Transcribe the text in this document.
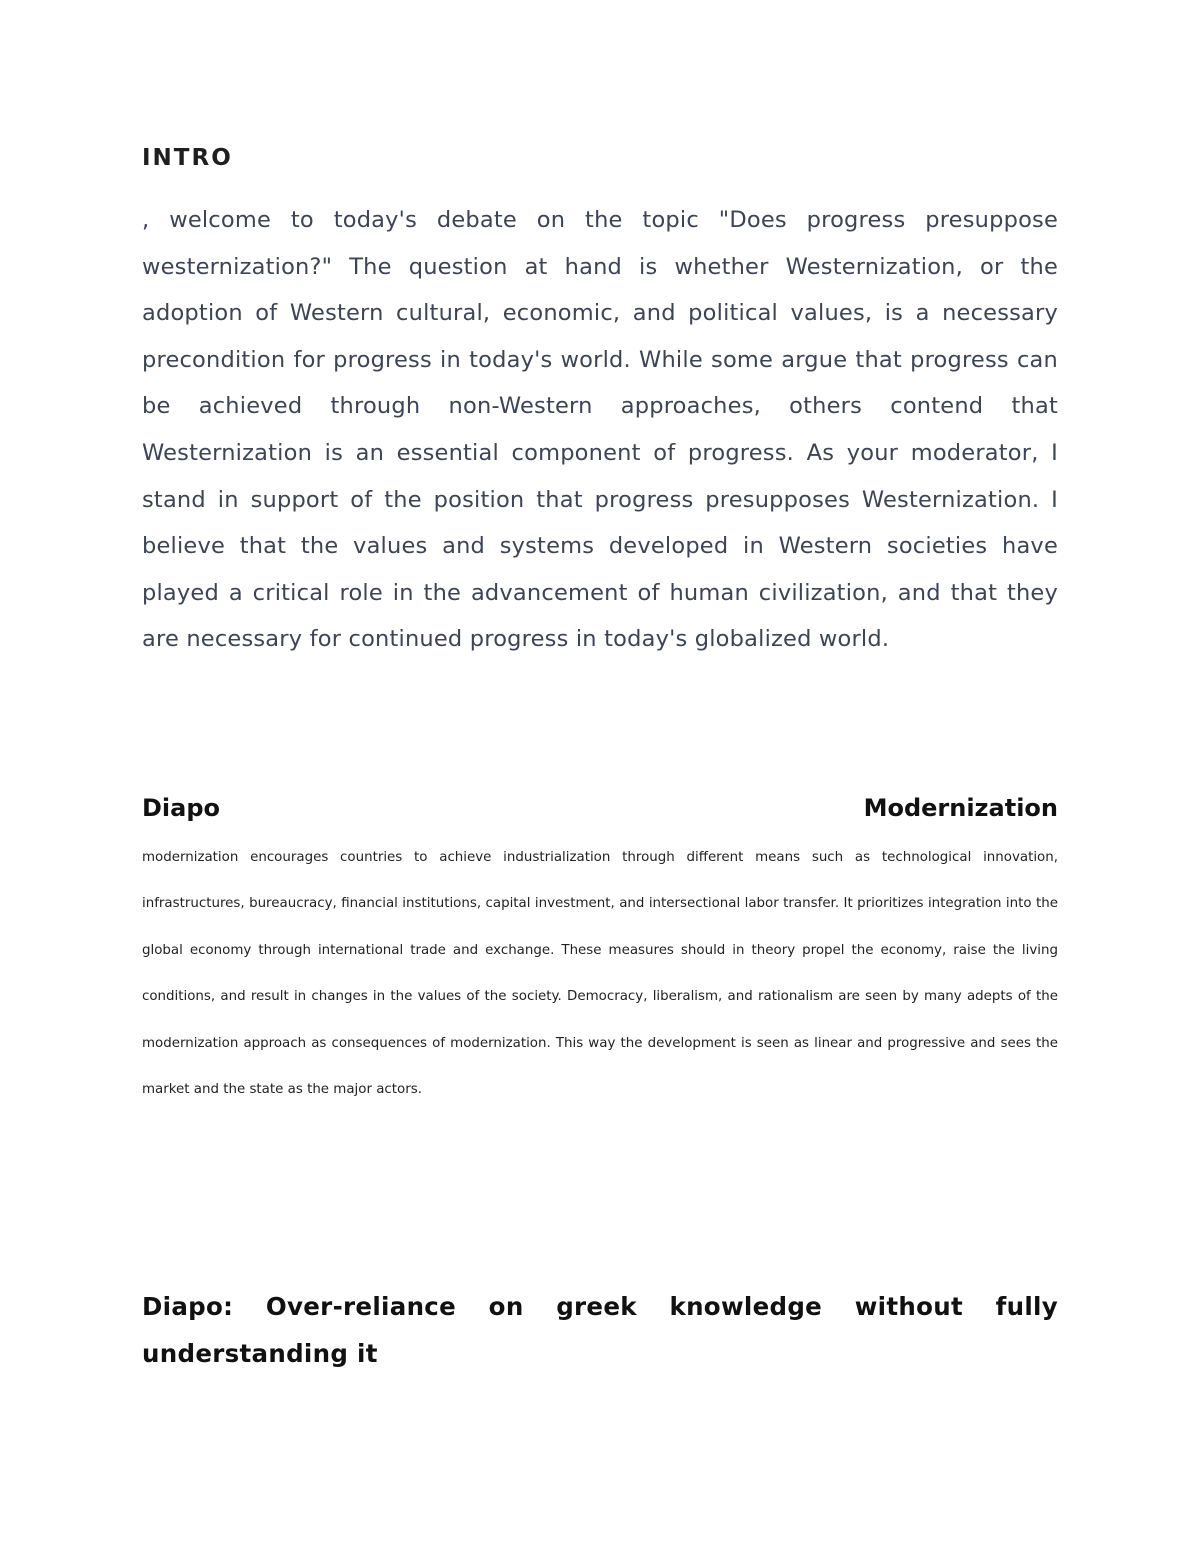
INTRO

, welcome to today's debate on the topic "Does progress presuppose westernization?" The question at hand is whether Westernization, or the adoption of Western cultural, economic, and political values, is a necessary precondition for progress in today's world. While some argue that progress can be achieved through non-Western approaches, others contend that Westernization is an essential component of progress. As your moderator, I stand in support of the position that progress presupposes Westernization. I believe that the values and systems developed in Western societies have played a critical role in the advancement of human civilization, and that they are necessary for continued progress in today's globalized world.

Diapo	Modernization

modernization encourages countries to achieve industrialization through different means such as technological innovation, infrastructures, bureaucracy, financial institutions, capital investment, and intersectional labor transfer. It prioritizes integration into the global economy through international trade and exchange. These measures should in theory propel the economy, raise the living conditions, and result in changes in the values of the society. Democracy, liberalism, and rationalism are seen by many adepts of the modernization approach as consequences of modernization. This way the development is seen as linear and progressive and sees the market and the state as the major actors.

Diapo: Over-reliance on greek knowledge without fully understanding it
